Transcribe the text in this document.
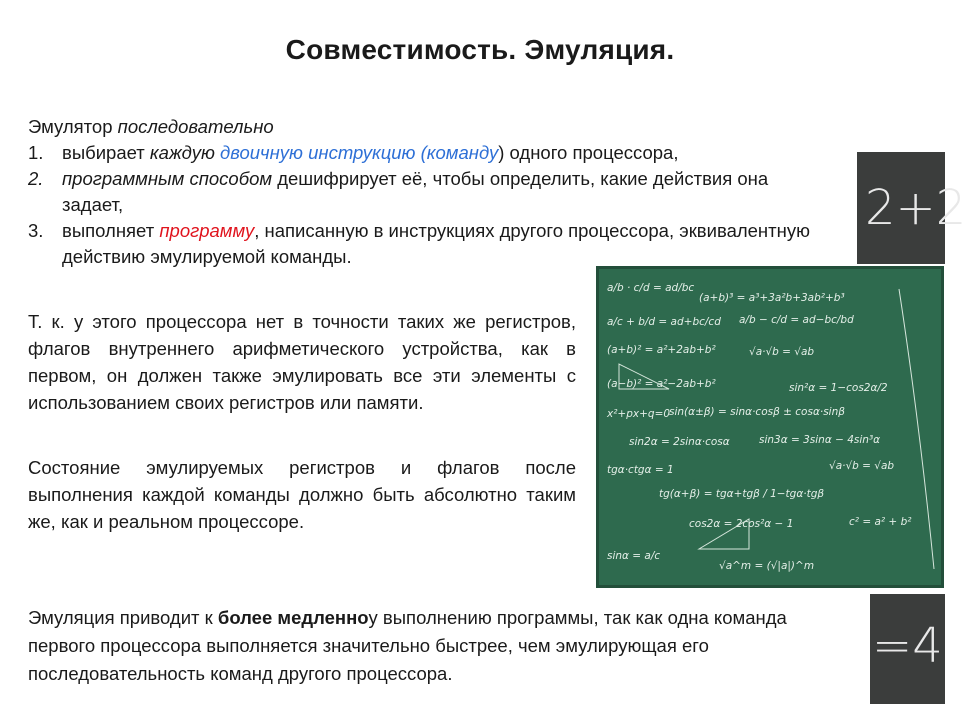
Совместимость. Эмуляция.

Эмулятор последовательно

1. выбирает каждую двоичную инструкцию (команду) одного процессора,
2. программным способом дешифрирует её, чтобы определить, какие действия она задает,
3. выполняет программу, написанную в инструкциях другого процессора, эквивалентную действию эмулируемой команды.
Т. к. у этого процессора нет в точности таких же регистров, флагов внутреннего арифметического устройства, как в первом, он должен также эмулировать все эти элементы с использованием своих регистров или памяти.
Состояние эмулируемых регистров и флагов после выполнения каждой команды должно быть абсолютно таким же, как и реальном процессоре.
Эмуляция приводит к более медленноу выполнению программы, так как одна команда первого процессора выполняется значительно быстрее, чем эмулирующая его последовательность команд другого процессора.
2+2
a/b · c/d = ad/bc
(a+b)³ = a³+3a²b+3ab²+b³
a/c + b/d = ad+bc/cd a/b − c/d = ad−bc/bd
(a+b)² = a²+2ab+b²	√a·√b = √ab
(a−b)² = a²−2ab+b²	sin²α = 1−cos2α/2
x²+px+q=0
sin(α±β) = sinα·cosβ ± cosα·sinβ
sin2α = 2sinα·cosα	sin3α = 3sinα − 4sin³α
tgα·ctgα = 1	√a·√b = √ab
tg(α+β) = tgα+tgβ / 1−tgα·tgβ
cos2α = 2cos²α − 1	c² = a² + b²
sinα = a/c
√a^m = (√|a|)^m
=4
